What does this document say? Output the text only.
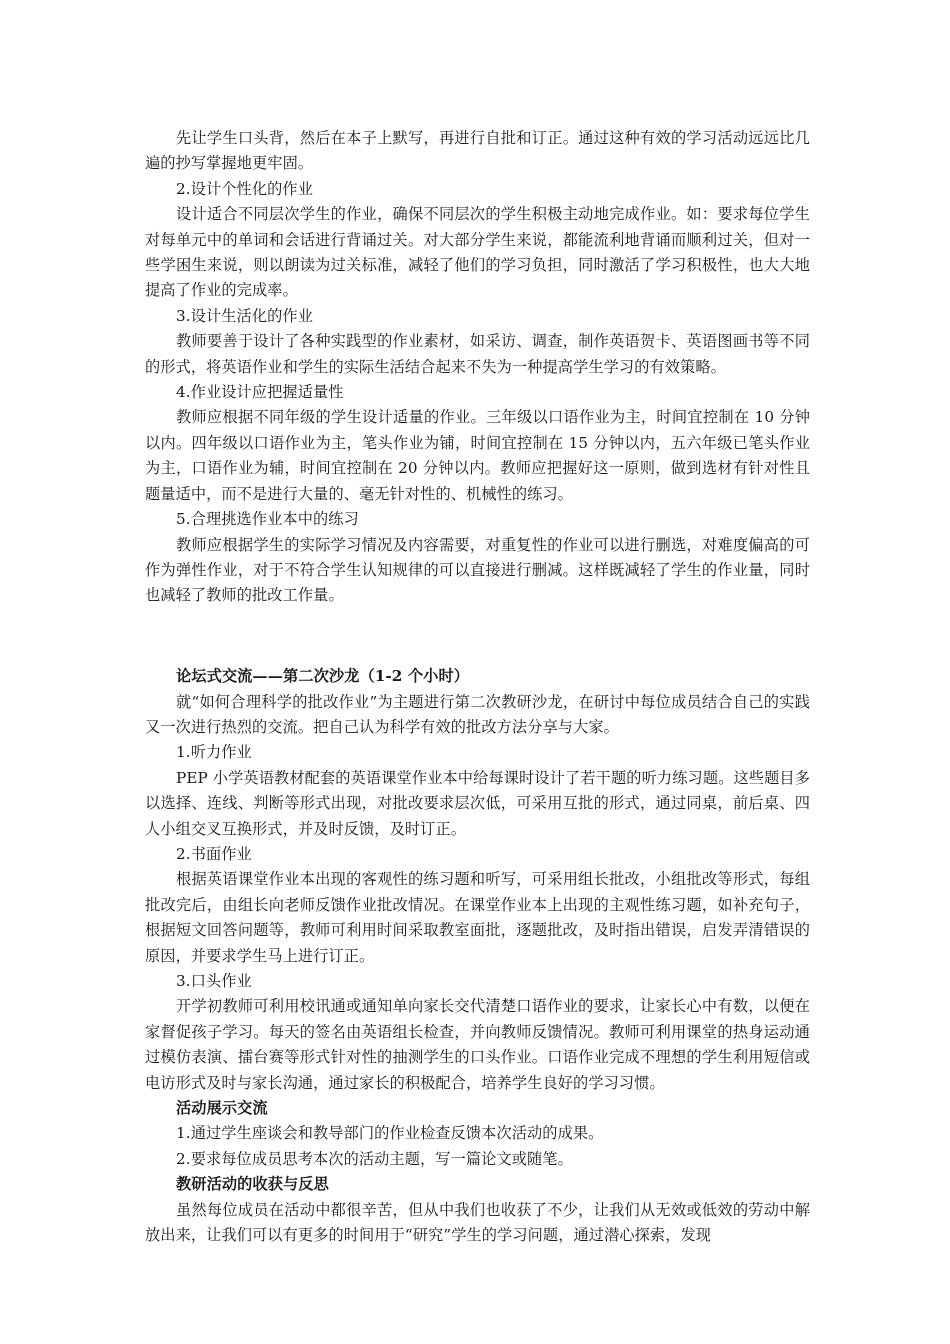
先让学生口头背，然后在本子上默写，再进行自批和订正。通过这种有效的学习活动远远比几遍的抄写掌握地更牢固。

2.设计个性化的作业

设计适合不同层次学生的作业，确保不同层次的学生积极主动地完成作业。如：要求每位学生对每单元中的单词和会话进行背诵过关。对大部分学生来说，都能流利地背诵而顺利过关，但对一些学困生来说，则以朗读为过关标准，减轻了他们的学习负担，同时激活了学习积极性，也大大地提高了作业的完成率。

3.设计生活化的作业

教师要善于设计了各种实践型的作业素材，如采访、调查，制作英语贺卡、英语图画书等不同的形式，将英语作业和学生的实际生活结合起来不失为一种提高学生学习的有效策略。

4.作业设计应把握适量性

教师应根据不同年级的学生设计适量的作业。三年级以口语作业为主，时间宜控制在 10 分钟以内。四年级以口语作业为主，笔头作业为铺，时间宜控制在 15 分钟以内，五六年级已笔头作业为主，口语作业为辅，时间宜控制在 20 分钟以内。教师应把握好这一原则，做到选材有针对性且题量适中，而不是进行大量的、毫无针对性的、机械性的练习。

5.合理挑选作业本中的练习

教师应根据学生的实际学习情况及内容需要，对重复性的作业可以进行删选，对难度偏高的可作为弹性作业，对于不符合学生认知规律的可以直接进行删减。这样既减轻了学生的作业量，同时也减轻了教师的批改工作量。

论坛式交流——第二次沙龙（1-2 个小时）

就“如何合理科学的批改作业”为主题进行第二次教研沙龙，在研讨中每位成员结合自己的实践又一次进行热烈的交流。把自己认为科学有效的批改方法分享与大家。

1.听力作业

PEP 小学英语教材配套的英语课堂作业本中给每课时设计了若干题的听力练习题。这些题目多以选择、连线、判断等形式出现，对批改要求层次低，可采用互批的形式，通过同桌，前后桌、四人小组交叉互换形式，并及时反馈，及时订正。

2.书面作业

根据英语课堂作业本出现的客观性的练习题和听写，可采用组长批改，小组批改等形式，每组批改完后，由组长向老师反馈作业批改情况。在课堂作业本上出现的主观性练习题，如补充句子，根据短文回答问题等，教师可利用时间采取教室面批，逐题批改，及时指出错误，启发弄清错误的原因，并要求学生马上进行订正。

3.口头作业

开学初教师可利用校讯通或通知单向家长交代清楚口语作业的要求，让家长心中有数，以便在家督促孩子学习。每天的签名由英语组长检查，并向教师反馈情况。教师可利用课堂的热身运动通过模仿表演、擂台赛等形式针对性的抽测学生的口头作业。口语作业完成不理想的学生利用短信或电访形式及时与家长沟通，通过家长的积极配合，培养学生良好的学习习惯。

活动展示交流

1.通过学生座谈会和教导部门的作业检查反馈本次活动的成果。

2.要求每位成员思考本次的活动主题，写一篇论文或随笔。

教研活动的收获与反思

虽然每位成员在活动中都很辛苦，但从中我们也收获了不少，让我们从无效或低效的劳动中解放出来，让我们可以有更多的时间用于“研究”学生的学习问题，通过潜心探索，发现
